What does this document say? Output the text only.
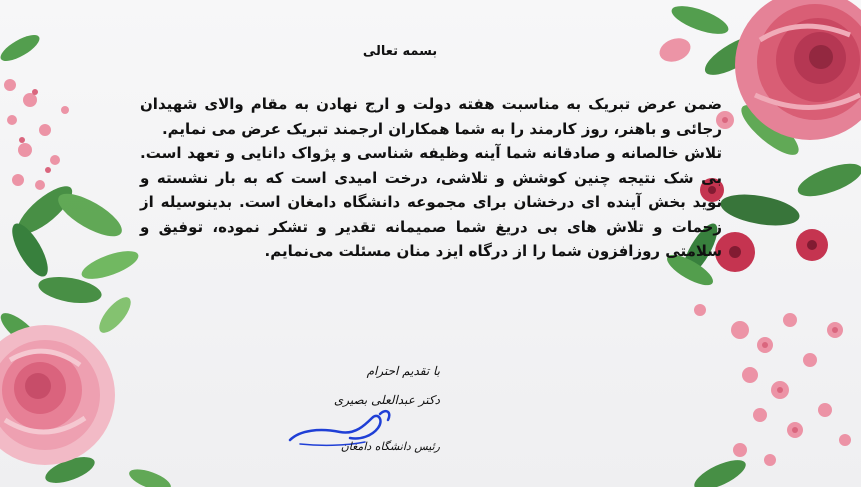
بسمه تعالی

ضمن عرض تبریک به مناسبت هفته دولت و ارج نهادن به مقام والای شهیدان رجائی و باهنر، روز کارمند را به شما همکاران ارجمند تبریک عرض می نمایم.

تلاش خالصانه و صادقانه شما آینه وظیفه شناسی و پژواک دانایی و تعهد است. بی شک نتیجه چنین کوشش و تلاشی، درخت امیدی است که به بار نشسته و نوید بخش آینده ای درخشان برای مجموعه دانشگاه دامغان است. بدینوسیله از زحمات و تلاش های بی دریغ شما صمیمانه تقدیر و تشکر نموده، توفیق و سلامتی روزافزون شما را از درگاه ایزد منان مسئلت می‌نمایم.

با تقدیم احترام
دکتر عبدالعلی بصیری
رئیس دانشگاه دامغان
